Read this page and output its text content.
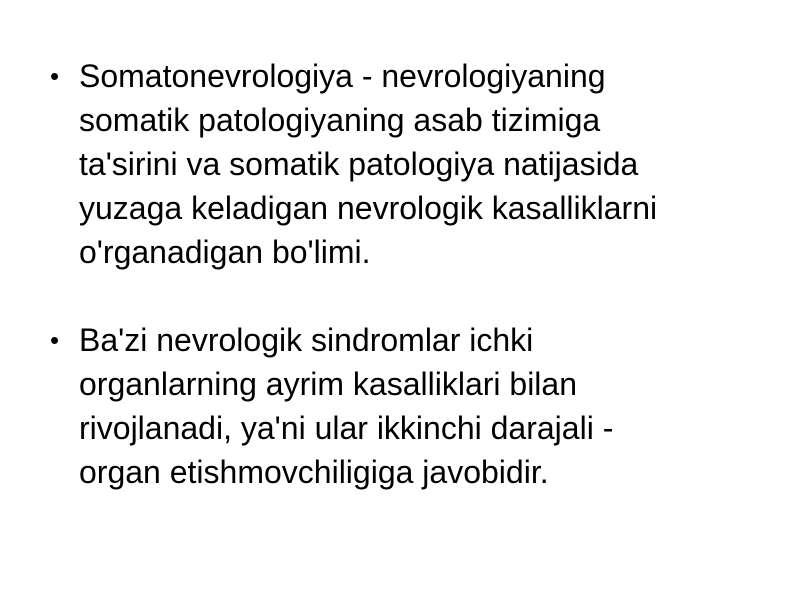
• Somatonevrologiya - nevrologiyaning
somatik patologiyaning asab tizimiga
ta'sirini va somatik patologiya natijasida
yuzaga keladigan nevrologik kasalliklarni
o'rganadigan bo'limi.
• Ba'zi nevrologik sindromlar ichki
organlarning ayrim kasalliklari bilan
rivojlanadi, ya'ni ular ikkinchi darajali -
organ etishmovchiligiga javobidir.
